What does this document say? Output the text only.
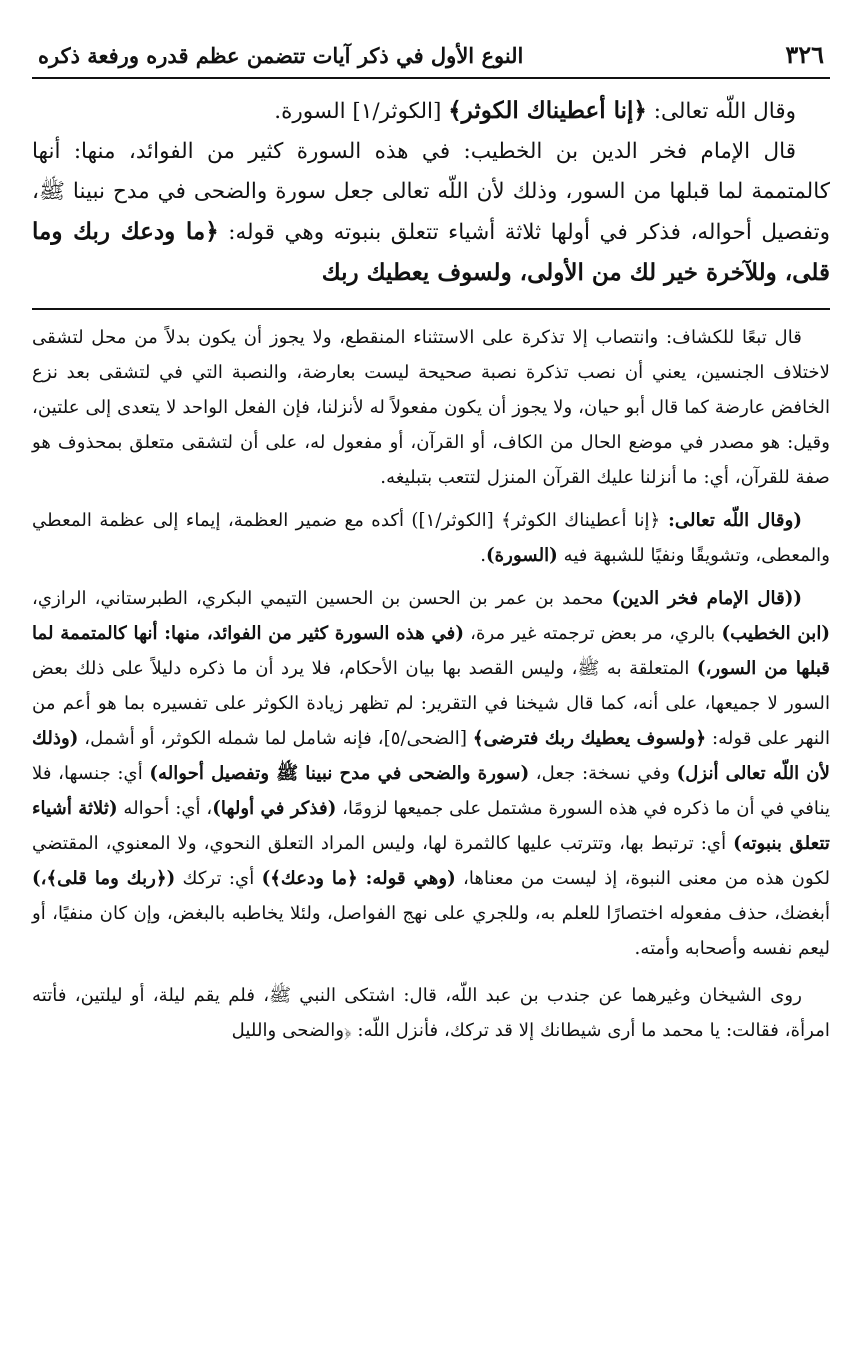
٣٢٦
النوع الأول في ذكر آيات تتضمن عظم قدره ورفعة ذكره

وقال اللّه تعالى: ﴿إنا أعطيناك الكوثر﴾ [الكوثر/١] السورة.

قال الإمام فخر الدين بن الخطيب: في هذه السورة كثير من الفوائد، منها: أنها كالمتممة لما قبلها من السور، وذلك لأن اللّه تعالى جعل سورة والضحى في مدح نبينا ﷺ، وتفصيل أحواله، فذكر في أولها ثلاثة أشياء تتعلق بنبوته وهي قوله: ﴿ما ودعك ربك وما قلى، وللآخرة خير لك من الأولى، ولسوف يعطيك ربك

قال تبعًا للكشاف: وانتصاب إلا تذكرة على الاستثناء المنقطع، ولا يجوز أن يكون بدلاً من محل لتشقى لاختلاف الجنسين، يعني أن نصب تذكرة نصبة صحيحة ليست بعارضة، والنصبة التي في لتشقى بعد نزع الخافض عارضة كما قال أبو حيان، ولا يجوز أن يكون مفعولاً له لأنزلنا، فإن الفعل الواحد لا يتعدى إلى علتين، وقيل: هو مصدر في موضع الحال من الكاف، أو القرآن، أو مفعول له، على أن لتشقى متعلق بمحذوف هو صفة للقرآن، أي: ما أنزلنا عليك القرآن المنزل لتتعب بتبليغه.

(وقال اللّه تعالى: ﴿إنا أعطيناك الكوثر﴾ [الكوثر/١]) أكده مع ضمير العظمة، إيماء إلى عظمة المعطي والمعطى، وتشويقًا ونفيًا للشبهة فيه (السورة).

((قال الإمام فخر الدين) محمد بن عمر بن الحسن بن الحسين التيمي البكري، الطبرستاني، الرازي، (ابن الخطيب) بالري، مر بعض ترجمته غير مرة، (في هذه السورة كثير من الفوائد، منها: أنها كالمتممة لما قبلها من السور،) المتعلقة به ﷺ، وليس القصد بها بيان الأحكام، فلا يرد أن ما ذكره دليلاً على ذلك بعض السور لا جميعها، على أنه، كما قال شيخنا في التقرير: لم تظهر زيادة الكوثر على تفسيره بما هو أعم من النهر على قوله: ﴿ولسوف يعطيك ربك فترضى﴾ [الضحى/٥]، فإنه شامل لما شمله الكوثر، أو أشمل، (وذلك لأن اللّه تعالى أنزل) وفي نسخة: جعل، (سورة والضحى في مدح نبينا ﷺ وتفصيل أحواله) أي: جنسها، فلا ينافي في أن ما ذكره في هذه السورة مشتمل على جميعها لزومًا، (فذكر في أولها)، أي: أحواله (ثلاثة أشياء تتعلق بنبوته) أي: ترتبط بها، وتترتب عليها كالثمرة لها، وليس المراد التعلق النحوي، ولا المعنوي، المقتضي لكون هذه من معنى النبوة، إذ ليست من معناها، (وهي قوله: ﴿ما ودعك﴾) أي: تركك (﴿ربك وما قلى﴾،) أبغضك، حذف مفعوله اختصارًا للعلم به، وللجري على نهج الفواصل، ولئلا يخاطبه بالبغض، وإن كان منفيًا، أو ليعم نفسه وأصحابه وأمته.

روى الشيخان وغيرهما عن جندب بن عبد اللّه، قال: اشتكى النبي ﷺ، فلم يقم ليلة، أو ليلتين، فأتته امرأة، فقالت: يا محمد ما أرى شيطانك إلا قد تركك، فأنزل اللّه: ﴿والضحى والليل
